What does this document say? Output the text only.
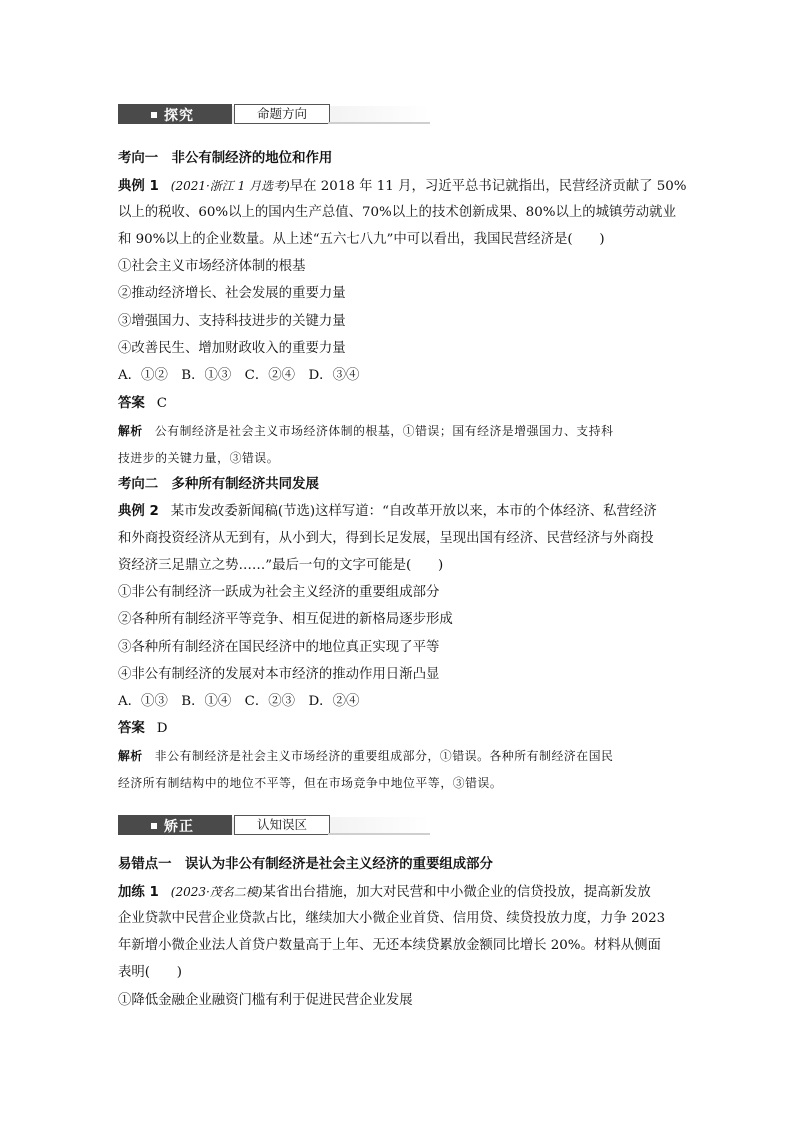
探究	命题方向
考向一　非公有制经济的地位和作用
典例 1 (2021·浙江 1 月选考)早在 2018 年 11 月，习近平总书记就指出，民营经济贡献了 50%
以上的税收、60%以上的国内生产总值、70%以上的技术创新成果、80%以上的城镇劳动就业
和 90%以上的企业数量。从上述“五六七八九”中可以看出，我国民营经济是(　　)
①社会主义市场经济体制的根基
②推动经济增长、社会发展的重要力量
③增强国力、支持科技进步的关键力量
④改善民生、增加财政收入的重要力量
A．①②　B．①③　C．②④　D．③④
答案 C
解析 公有制经济是社会主义市场经济体制的根基，①错误；国有经济是增强国力、支持科
技进步的关键力量，③错误。
考向二　多种所有制经济共同发展
典例 2 某市发改委新闻稿(节选)这样写道：“自改革开放以来，本市的个体经济、私营经济
和外商投资经济从无到有，从小到大，得到长足发展，呈现出国有经济、民营经济与外商投
资经济三足鼎立之势……”最后一句的文字可能是(　　)
①非公有制经济一跃成为社会主义经济的重要组成部分
②各种所有制经济平等竞争、相互促进的新格局逐步形成
③各种所有制经济在国民经济中的地位真正实现了平等
④非公有制经济的发展对本市经济的推动作用日渐凸显
A．①③　B．①④　C．②③　D．②④
答案 D
解析 非公有制经济是社会主义市场经济的重要组成部分，①错误。各种所有制经济在国民
经济所有制结构中的地位不平等，但在市场竞争中地位平等，③错误。
矫正	认知误区
易错点一　误认为非公有制经济是社会主义经济的重要组成部分
加练 1 (2023·茂名二模)某省出台措施，加大对民营和中小微企业的信贷投放，提高新发放
企业贷款中民营企业贷款占比，继续加大小微企业首贷、信用贷、续贷投放力度，力争 2023
年新增小微企业法人首贷户数量高于上年、无还本续贷累放金额同比增长 20%。材料从侧面
表明(　　)
①降低金融企业融资门槛有利于促进民营企业发展
